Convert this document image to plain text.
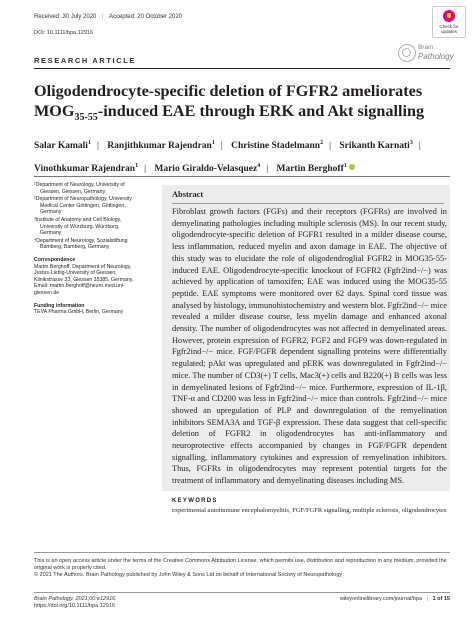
Received: 30 July 2020 | Accepted: 20 October 2020
DOI: 10.1111/bpa.12916
Check for
updates
Brain
Pathology
RESEARCH ARTICLE
Oligodendrocyte-specific deletion of FGFR2 ameliorates $MOG_{35-55}$-induced EAE through ERK and Akt signalling
Salar Kamali$^1$ | Ranjithkumar Rajendran$^1$ | Christine Stadelmann$^2$ | Srikanth Karnati$^3$ | Vinothkumar Rajendran$^1$ | Mario Giraldo-Velasquez$^4$ | Martin Berghoff$^1$
¹Department of Neurology, University of Giessen, Giessen, Germany
²Department of Neuropathology, University Medical Center Göttingen, Göttingen, Germany
³Institute of Anatomy and Cell Biology, University of Würzburg, Würzburg, Germany
⁴Department of Neurology, Sozialstiftung Bamberg, Bamberg, Germany
Correspondence
Martin Berghoff, Department of Neurology, Justus-Liebig-University of Giessen, Klinikstrasse 33, Giessen 35385, Germany.
Email: martin.berghoff@neuro.med.uni-giessen.de
Funding information
TEVA Pharma GmbH, Berlin, Germany
Abstract

Fibroblast growth factors (FGFs) and their receptors (FGFRs) are involved in demyelinating pathologies including multiple sclerosis (MS). In our recent study, oligodendrocyte-specific deletion of FGFR1 resulted in a milder disease course, less inflammation, reduced myelin and axon damage in EAE. The objective of this study was to elucidate the role of oligodendroglial FGFR2 in MOG35-55-induced EAE. Oligodendrocyte-specific knockout of FGFR2 (Fgfr2ind−/−) was achieved by application of tamoxifen; EAE was induced using the MOG35-55 peptide. EAE symptoms were monitored over 62 days. Spinal cord tissue was analysed by histology, immunohistochemistry and western blot. Fgfr2ind−/− mice revealed a milder disease course, less myelin damage and enhanced axonal density. The number of oligodendrocytes was not affected in demyelinated areas. However, protein expression of FGFR2, FGF2 and FGF9 was down-regulated in Fgfr2ind−/− mice. FGF/FGFR dependent signalling proteins were differentially regulated; pAkt was upregulated and pERK was downregulated in Fgfr2ind−/− mice. The number of CD3(+) T cells, Mac3(+) cells and B220(+) B cells was less in demyelinated lesions of Fgfr2ind−/− mice. Furthermore, expression of IL-1β, TNF-α and CD200 was less in Fgfr2ind−/− mice than controls. Fgfr2ind−/− mice showed an upregulation of PLP and downregulation of the remyelination inhibitors SEMA3A and TGF-β expression. These data suggest that cell-specific deletion of FGFR2 in oligodendrocytes has anti-inflammatory and neuroprotective effects accompanied by changes in FGF/FGFR dependent signalling, inflammatory cytokines and expression of remyelination inhibitors. Thus, FGFRs in oligodendrocytes may represent potential targets for the treatment of inflammatory and demyelinating diseases including MS.

KEYWORDS
experimental autoimmune encephalomyelitis, FGF/FGFR signalling, multiple sclerosis, oligodendrocytes
This is an open access article under the terms of the Creative Commons Attribution License, which permits use, distribution and reproduction in any medium, provided the original work is properly cited.
© 2021 The Authors. Brain Pathology published by John Wiley & Sons Ltd on behalf of International Society of Neuropathology
Brain Pathology. 2021;00:e12916.
https://doi.org/10.1111/bpa.12916
wileyonlinelibrary.com/journal/bpa | 1 of 15
